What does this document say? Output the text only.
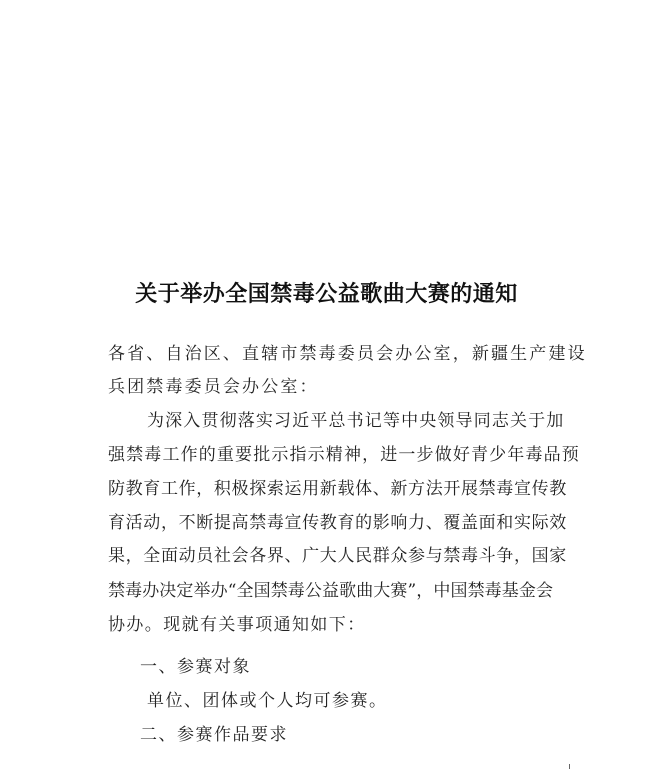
关于举办全国禁毒公益歌曲大赛的通知
各省、自治区、直辖市禁毒委员会办公室，新疆生产建设
兵团禁毒委员会办公室：
为深入贯彻落实习近平总书记等中央领导同志关于加
强禁毒工作的重要批示指示精神，进一步做好青少年毒品预
防教育工作，积极探索运用新载体、新方法开展禁毒宣传教
育活动，不断提高禁毒宣传教育的影响力、覆盖面和实际效
果，全面动员社会各界、广大人民群众参与禁毒斗争，国家
禁毒办决定举办“全国禁毒公益歌曲大赛”，中国禁毒基金会
协办。现就有关事项通知如下：
一、参赛对象
单位、团体或个人均可参赛。
二、参赛作品要求
